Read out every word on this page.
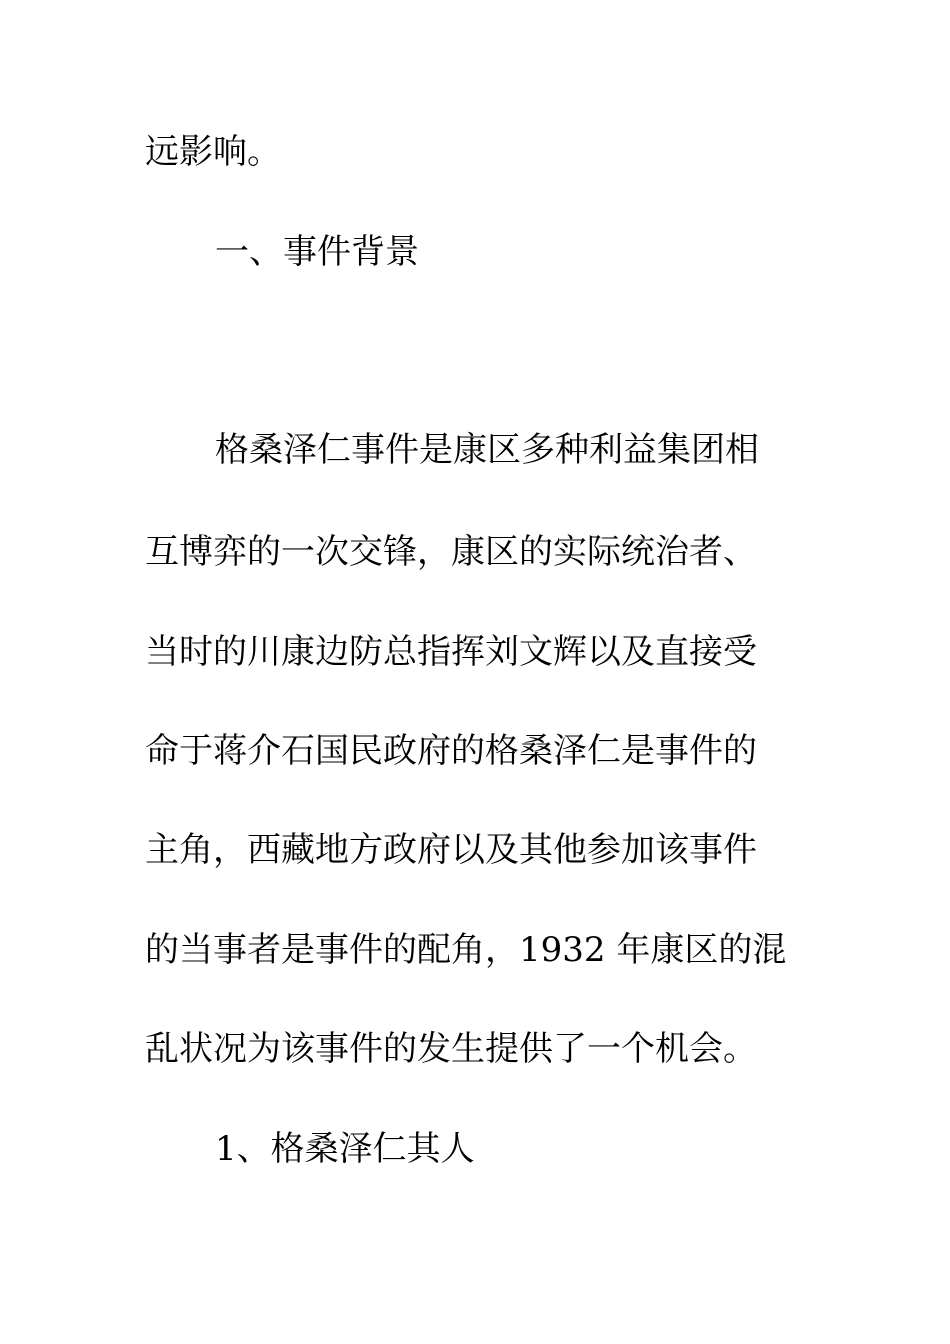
远影响。
一、事件背景
格桑泽仁事件是康区多种利益集团相
互博弈的一次交锋，康区的实际统治者、
当时的川康边防总指挥刘文辉以及直接受
命于蒋介石国民政府的格桑泽仁是事件的
主角，西藏地方政府以及其他参加该事件
的当事者是事件的配角，1932 年康区的混
乱状况为该事件的发生提供了一个机会。
1、格桑泽仁其人
